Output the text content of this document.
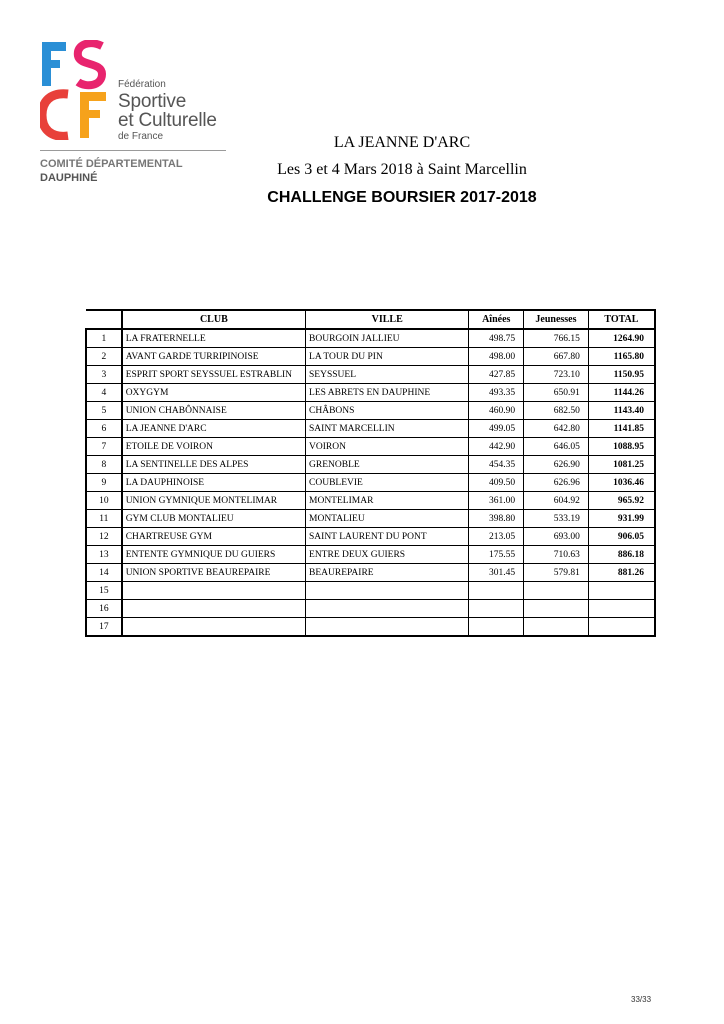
Fédération
Sportive
et Culturelle
de France
COMITÉ DÉPARTEMENTAL
DAUPHINÉ
LA JEANNE D'ARC
Les 3 et 4 Mars 2018 à Saint Marcellin
CHALLENGE BOURSIER 2017-2018
	CLUB	VILLE	Aînées	Jeunesses	TOTAL
1	LA FRATERNELLE	BOURGOIN JALLIEU	498.75	766.15	1264.90
2	AVANT GARDE TURRIPINOISE	LA TOUR DU PIN	498.00	667.80	1165.80
3	ESPRIT SPORT SEYSSUEL ESTRABLIN	SEYSSUEL	427.85	723.10	1150.95
4	OXYGYM	LES ABRETS EN DAUPHINE	493.35	650.91	1144.26
5	UNION CHABÔNNAISE	CHÂBONS	460.90	682.50	1143.40
6	LA JEANNE D'ARC	SAINT MARCELLIN	499.05	642.80	1141.85
7	ETOILE DE VOIRON	VOIRON	442.90	646.05	1088.95
8	LA SENTINELLE DES ALPES	GRENOBLE	454.35	626.90	1081.25
9	LA DAUPHINOISE	COUBLEVIE	409.50	626.96	1036.46
10	UNION GYMNIQUE MONTELIMAR	MONTELIMAR	361.00	604.92	965.92
11	GYM CLUB MONTALIEU	MONTALIEU	398.80	533.19	931.99
12	CHARTREUSE GYM	SAINT LAURENT DU PONT	213.05	693.00	906.05
13	ENTENTE GYMNIQUE DU GUIERS	ENTRE DEUX GUIERS	175.55	710.63	886.18
14	UNION SPORTIVE BEAUREPAIRE	BEAUREPAIRE	301.45	579.81	881.26
15					
16					
17					
33/33
